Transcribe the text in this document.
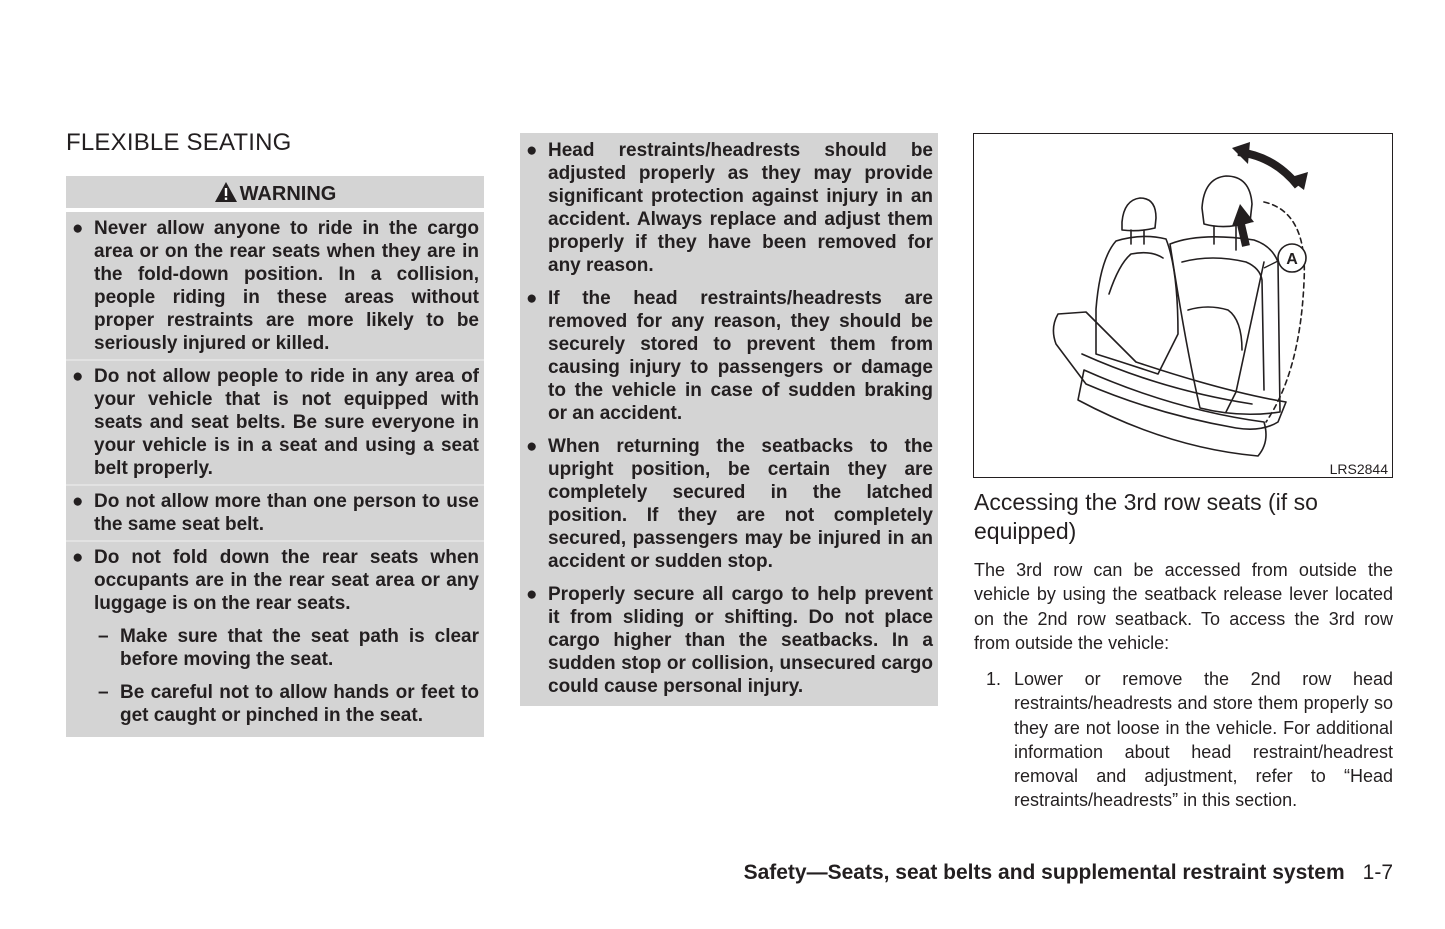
FLEXIBLE SEATING
WARNING
● Never allow anyone to ride in the cargo area or on the rear seats when they are in the fold-down position. In a collision, people riding in these areas without proper restraints are more likely to be seriously injured or killed.
● Do not allow people to ride in any area of your vehicle that is not equipped with seats and seat belts. Be sure everyone in your vehicle is in a seat and using a seat belt properly.
● Do not allow more than one person to use the same seat belt.
● Do not fold down the rear seats when occupants are in the rear seat area or any luggage is on the rear seats.
– Make sure that the seat path is clear before moving the seat.
– Be careful not to allow hands or feet to get caught or pinched in the seat.
● Head restraints/headrests should be adjusted properly as they may provide significant protection against injury in an accident. Always replace and adjust them properly if they have been removed for any reason.
● If the head restraints/headrests are removed for any reason, they should be securely stored to prevent them from causing injury to passengers or damage to the vehicle in case of sudden braking or an accident.
● When returning the seatbacks to the upright position, be certain they are completely secured in the latched position. If they are not completely secured, passengers may be injured in an accident or sudden stop.
● Properly secure all cargo to help prevent it from sliding or shifting. Do not place cargo higher than the seatbacks. In a sudden stop or collision, unsecured cargo could cause personal injury.
A
LRS2844
Accessing the 3rd row seats (if so equipped)

The 3rd row can be accessed from outside the vehicle by using the seatback release lever located on the 2nd row seatback. To access the 3rd row from outside the vehicle:

1. Lower or remove the 2nd row head restraints/headrests and store them properly so they are not loose in the vehicle. For additional information about head restraint/headrest removal and adjustment, refer to “Head restraints/headrests” in this section.
Safety—Seats, seat belts and supplemental restraint system 1-7
